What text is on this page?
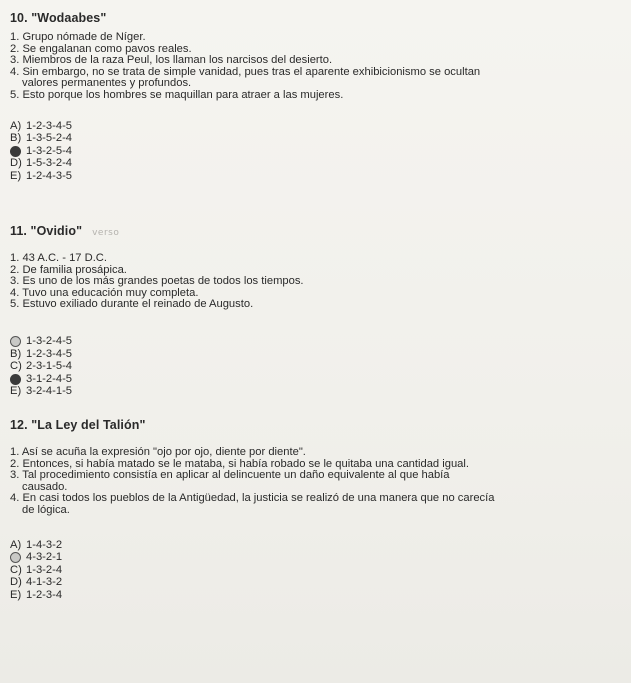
10. "Wodaabes"

1. Grupo nómade de Níger.

2. Se engalanan como pavos reales.

3. Miembros de la raza Peul, los llaman los narcisos del desierto.

4. Sin embargo, no se trata de simple vanidad, pues tras el aparente exhibicionismo se ocultan

valores permanentes y profundos.

5. Esto porque los hombres se maquillan para atraer a las mujeres.

A) 1-2-3-4-5
B) 1-3-5-2-4
1-3-2-5-4
D) 1-5-3-2-4
E) 1-2-4-3-5
11. "Ovidio" verso

1. 43 A.C. - 17 D.C.

2. De familia prosápica.

3. Es uno de los más grandes poetas de todos los tiempos.

4. Tuvo una educación muy completa.

5. Estuvo exiliado durante el reinado de Augusto.

1-3-2-4-5
B) 1-2-3-4-5
C) 2-3-1-5-4
3-1-2-4-5
E) 3-2-4-1-5
12. "La Ley del Talión"

1. Así se acuña la expresión "ojo por ojo, diente por diente".

2. Entonces, si había matado se le mataba, si había robado se le quitaba una cantidad igual.

3. Tal procedimiento consistía en aplicar al delincuente un daño equivalente al que había

causado.

4. En casi todos los pueblos de la Antigüedad, la justicia se realizó de una manera que no carecía

de lógica.

A) 1-4-3-2
4-3-2-1
C) 1-3-2-4
D) 4-1-3-2
E) 1-2-3-4
